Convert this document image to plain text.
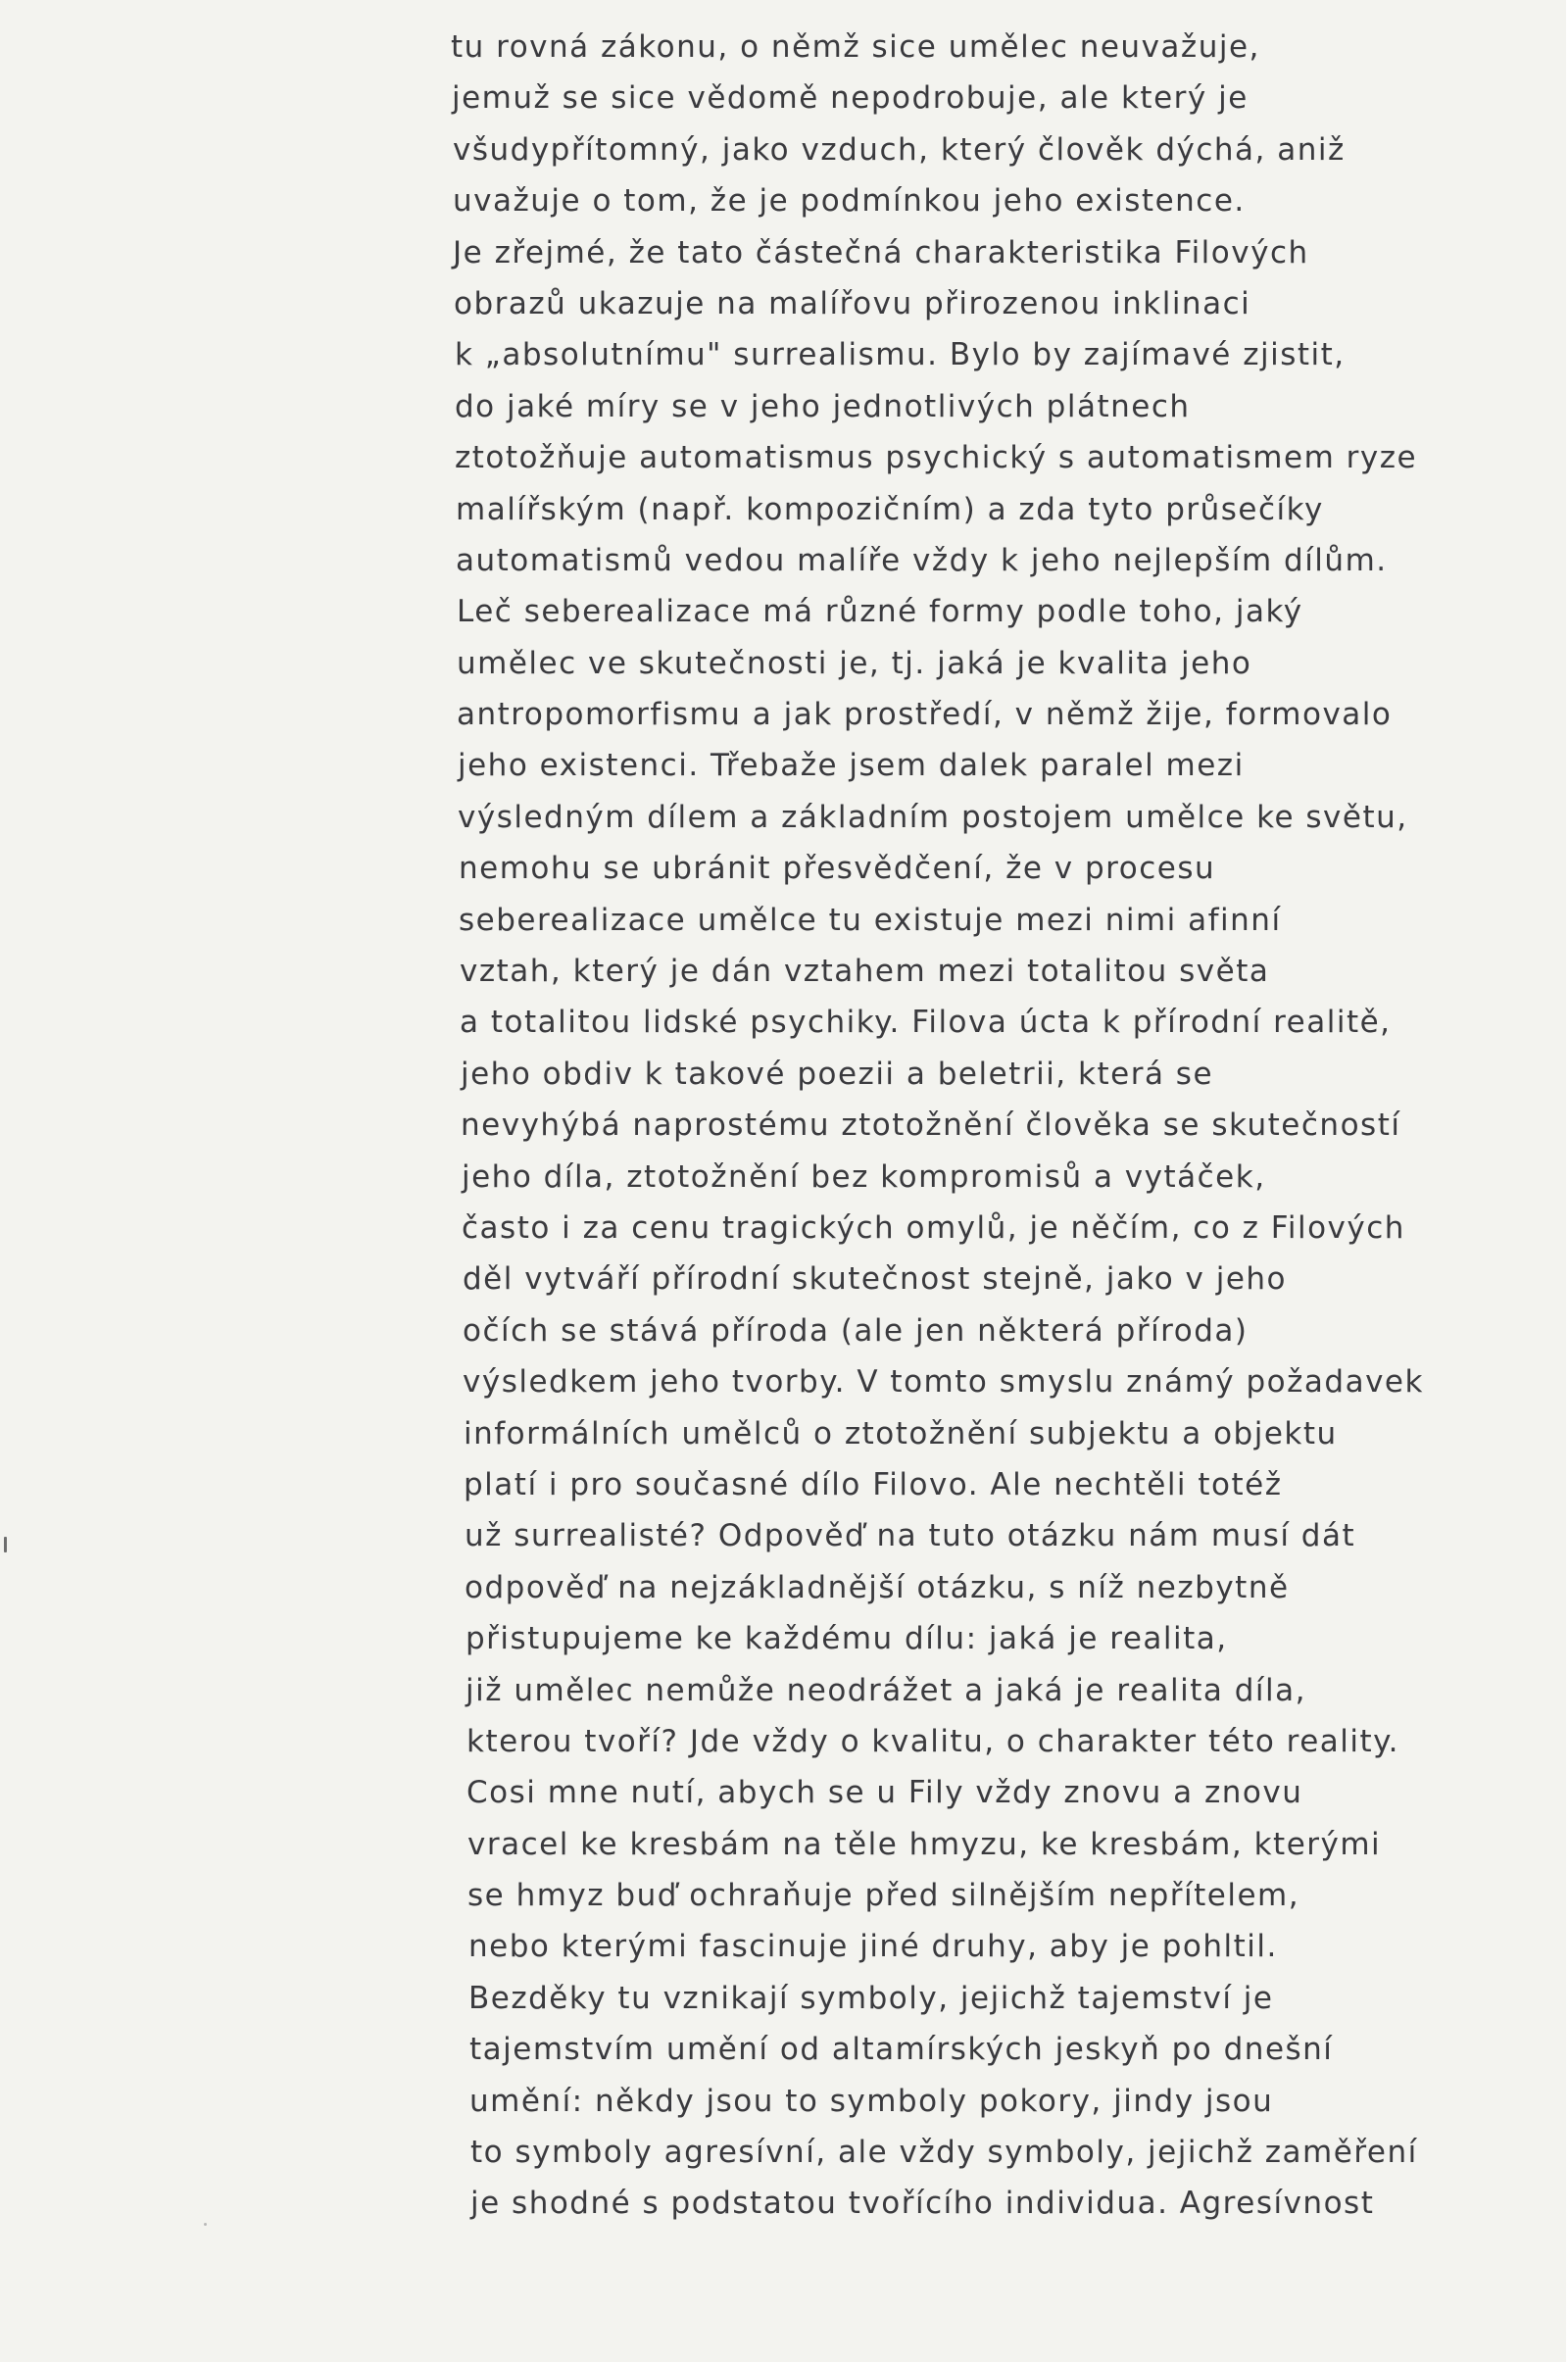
tu rovná zákonu, o němž sice umělec neuvažuje,
jemuž se sice vědomě nepodrobuje, ale který je
všudypřítomný, jako vzduch, který člověk dýchá, aniž
uvažuje o tom, že je podmínkou jeho existence.
Je zřejmé, že tato částečná charakteristika Filových
obrazů ukazuje na malířovu přirozenou inklinaci
k „absolutnímu" surrealismu. Bylo by zajímavé zjistit,
do jaké míry se v jeho jednotlivých plátnech
ztotožňuje automatismus psychický s automatismem ryze
malířským (např. kompozičním) a zda tyto průsečíky
automatismů vedou malíře vždy k jeho nejlepším dílům.
Leč seberealizace má různé formy podle toho, jaký
umělec ve skutečnosti je, tj. jaká je kvalita jeho
antropomorfismu a jak prostředí, v němž žije, formovalo
jeho existenci. Třebaže jsem dalek paralel mezi
výsledným dílem a základním postojem umělce ke světu,
nemohu se ubránit přesvědčení, že v procesu
seberealizace umělce tu existuje mezi nimi afinní
vztah, který je dán vztahem mezi totalitou světa
a totalitou lidské psychiky. Filova úcta k přírodní realitě,
jeho obdiv k takové poezii a beletrii, která se
nevyhýbá naprostému ztotožnění člověka se skutečností
jeho díla, ztotožnění bez kompromisů a vytáček,
často i za cenu tragických omylů, je něčím, co z Filových
děl vytváří přírodní skutečnost stejně, jako v jeho
očích se stává příroda (ale jen některá příroda)
výsledkem jeho tvorby. V tomto smyslu známý požadavek
informálních umělců o ztotožnění subjektu a objektu
platí i pro současné dílo Filovo. Ale nechtěli totéž
už surrealisté? Odpověď na tuto otázku nám musí dát
odpověď na nejzákladnější otázku, s níž nezbytně
přistupujeme ke každému dílu: jaká je realita,
již umělec nemůže neodrážet a jaká je realita díla,
kterou tvoří? Jde vždy o kvalitu, o charakter této reality.
Cosi mne nutí, abych se u Fily vždy znovu a znovu
vracel ke kresbám na těle hmyzu, ke kresbám, kterými
se hmyz buď ochraňuje před silnějším nepřítelem,
nebo kterými fascinuje jiné druhy, aby je pohltil.
Bezděky tu vznikají symboly, jejichž tajemství je
tajemstvím umění od altamírských jeskyň po dnešní
umění: někdy jsou to symboly pokory, jindy jsou
to symboly agresívní, ale vždy symboly, jejichž zaměření
je shodné s podstatou tvořícího individua. Agresívnost
